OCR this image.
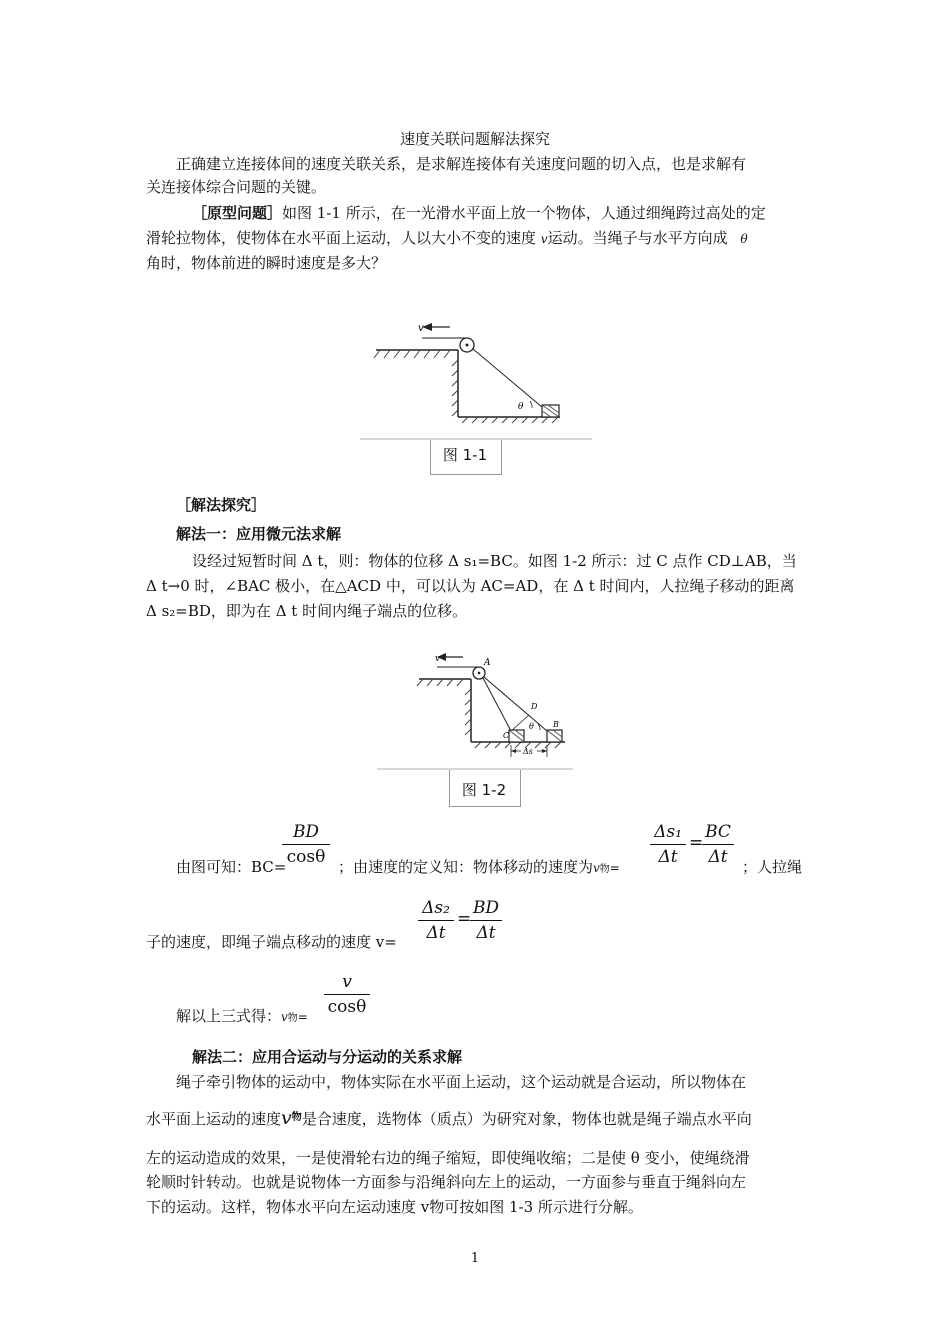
速度关联问题解法探究
正确建立连接体间的速度关联关系，是求解连接体有关速度问题的切入点，也是求解有
关连接体综合问题的关键。
［原型问题］如图 1-1 所示，在一光滑水平面上放一个物体，人通过细绳跨过高处的定
滑轮拉物体，使物体在水平面上运动，人以大小不变的速度 v运动。当绳子与水平方向成 θ
角时，物体前进的瞬时速度是多大？
v
θ
图 1-1
［解法探究］
解法一：应用微元法求解
设经过短暂时间 Δ t，则：物体的位移 Δ s₁=BC。如图 1-2 所示：过 C 点作 CD⊥AB，当
Δ t→0 时，∠BAC 极小，在△ACD 中，可以认为 AC=AD，在 Δ t 时间内，人拉绳子移动的距离
Δ s₂=BD，即为在 Δ t 时间内绳子端点的位移。
v	A
D
C
B
θ
Δs
图 1-2
由图可知：BC=
BD
cosθ ；由速度的定义知：物体移动的速度为v物=
Δs₁
Δt
=
BC
Δt ；人拉绳
子的速度，即绳子端点移动的速度 v=
Δs₂
Δt
=
BD
Δt
解以上三式得：v物=
v
cosθ
解法二：应用合运动与分运动的关系求解
绳子牵引物体的运动中，物体实际在水平面上运动，这个运动就是合运动，所以物体在
水平面上运动的速度$v^物$是合速度，选物体（质点）为研究对象，物体也就是绳子端点水平向
左的运动造成的效果，一是使滑轮右边的绳子缩短，即使绳收缩；二是使 θ 变小，使绳绕滑
轮顺时针转动。也就是说物体一方面参与沿绳斜向左上的运动，一方面参与垂直于绳斜向左
下的运动。这样，物体水平向左运动速度 v物可按如图 1-3 所示进行分解。
1
